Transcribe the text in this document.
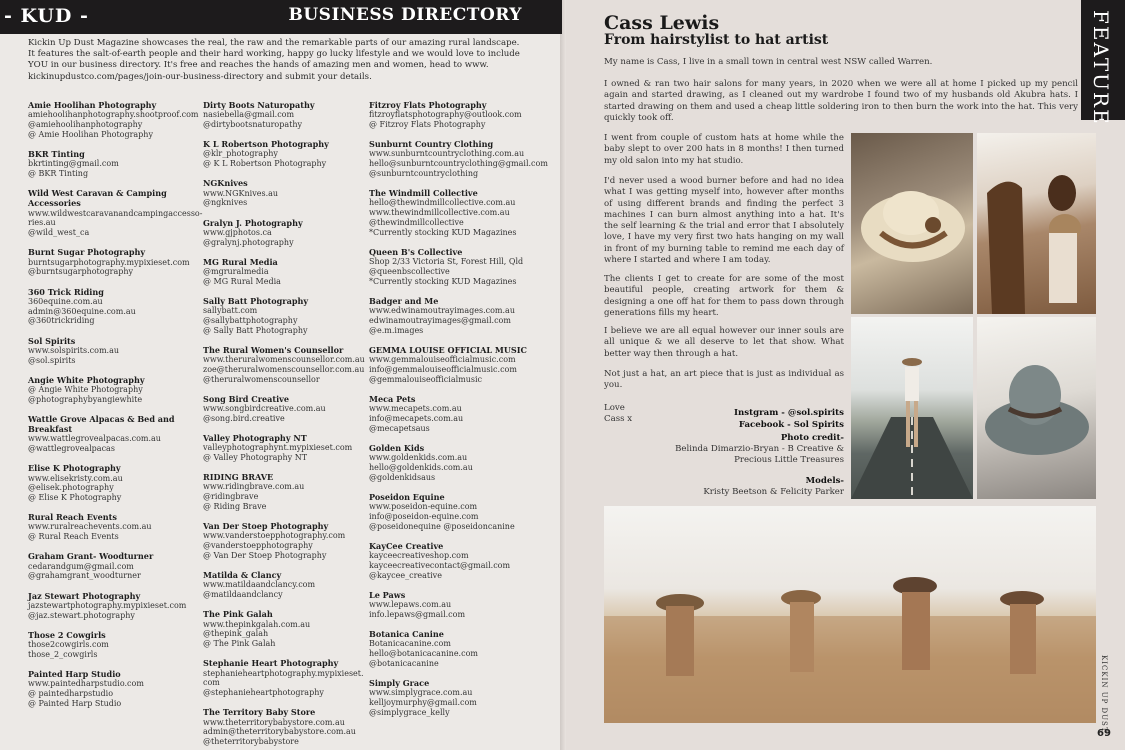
- KUD -	BUSINESS DIRECTORY
Kickin Up Dust Magazine showcases the real, the raw and the remarkable parts of our amazing rural landscape. It features the salt-of-earth people and their hard working, happy go lucky lifestyle and we would love to include YOU in our business directory. It's free and reaches the hands of amazing men and women, head to www. kickinupdustco.com/pages/join-our-business-directory and submit your details.
Amie Hoolihan Photography
amiehoolihanphotography.shootproof.com
@amiehoolihanphotography
@ Amie Hoolihan Photography
BKR Tinting
bkrtinting@gmail.com
@ BKR Tinting
Wild West Caravan & Camping Accessories
www.wildwestcaravanandcampingaccesso-
ries.au
@wild_west_ca
Burnt Sugar Photography
burntsugarphotography.mypixieset.com
@burntsugarphotography
360 Trick Riding
360equine.com.au
admin@360equine.com.au
@360trickriding
Sol Spirits
www.solspirits.com.au
@sol.spirits
Angie White Photography
@ Angie White Photography
@photographybyangiewhite
Wattle Grove Alpacas & Bed and Breakfast
www.wattlegrovealpacas.com.au
@wattlegrovealpacas
Elise K Photography
www.elisekristy.com.au
@elisek.photography
@ Elise K Photography
Rural Reach Events
www.ruralreachevents.com.au
@ Rural Reach Events
Graham Grant- Woodturner
cedarandgum@gmail.com
@grahamgrant_woodturner
Jaz Stewart Photography
jazstewartphotography.mypixieset.com
@jaz.stewart.photography
Those 2 Cowgirls
those2cowgirls.com
those_2_cowgirls
Painted Harp Studio
www.paintedharpstudio.com
@ paintedharpstudio
@ Painted Harp Studio
Dirty Boots Naturopathy
nasiebella@gmail.com
@dirtybootsnaturopathy
K L Robertson Photography
@klr_photography
@ K L Robertson Photography
NGKnives
www.NGKnives.au
@ngknives
Gralyn J. Photography
www.gjphotos.ca
@gralynj.photography
MG Rural Media
@mgruralmedia
@ MG Rural Media
Sally Batt Photography
sallybatt.com
@sallybattphotography
@ Sally Batt Photography
The Rural Women's Counsellor
www.theruralwomenscounsellor.com.au
zoe@theruralwomenscounsellor.com.au
@theruralwomenscounsellor
Song Bird Creative
www.songbirdcreative.com.au
@song.bird.creative
Valley Photography NT
valleyphotographynt.mypixieset.com
@ Valley Photography NT
RIDING BRAVE
www.ridingbrave.com.au
@ridingbrave
@ Riding Brave
Van Der Stoep Photography
www.vanderstoepphotography.com
@vanderstoepphotography
@ Van Der Stoep Photography
Matilda & Clancy
www.matildaandclancy.com
@matildaandclancy
The Pink Galah
www.thepinkgalah.com.au
@thepink_galah
@ The Pink Galah
Stephanie Heart Photography
stephanieheartphotography.mypixieset.
com
@stephanieheartphotography
The Territory Baby Store
www.theterritorybabystore.com.au
admin@theterritorybabystore.com.au
@theterritorybabystore
Fitzroy Flats Photography
fitzroyflatsphotography@outlook.com
@ Fitzroy Flats Photography
Sunburnt Country Clothing
www.sunburntcountryclothing.com.au
hello@sunburntcountryclothing@gmail.com
@sunburntcountryclothing
The Windmill Collective
hello@thewindmillcollective.com.au
www.thewindmillcollective.com.au
@thewindmillcollective
*Currently stocking KUD Magazines
Queen B's Collective
Shop 2/33 Victoria St, Forest Hill, Qld
@queenbscollective
*Currently stocking KUD Magazines
Badger and Me
www.edwinamoutrayimages.com.au
edwinamoutrayimages@gmail.com
@e.m.images
GEMMA LOUISE OFFICIAL MUSIC
www.gemmalouiseofficialmusic.com
info@gemmalouiseofficialmusic.com
@gemmalouiseofficialmusic
Meca Pets
www.mecapets.com.au
info@mecapets.com.au
@mecapetsaus
Golden Kids
www.goldenkids.com.au
hello@goldenkids.com.au
@goldenkidsaus
Poseidon Equine
www.poseidon-equine.com
info@poseidon-equine.com
@poseidonequine @poseidoncanine
KayCee Creative
kayceecreativeshop.com
kayceecreativecontact@gmail.com
@kaycee_creative
Le Paws
www.lepaws.com.au
info.lepaws@gmail.com
Botanica Canine
Botanicacanine.com
hello@botanicacanine.com
@botanicacanine
Simply Grace
www.simplygrace.com.au
kelljoymurphy@gmail.com
@simplygrace_kelly
FEATURE
Cass Lewis
From hairstylist to hat artist
My name is Cass, I live in a small town in central west NSW called Warren.
I owned & ran two hair salons for many years, in 2020 when we were all at home I picked up my pencil again and started drawing, as I cleaned out my wardrobe I found two of my husbands old Akubra hats. I started drawing on them and used a cheap little soldering iron to then burn the work into the hat. This very quickly took off.
I went from couple of custom hats at home while the baby slept to over 200 hats in 8 months! I then turned my old salon into my hat studio.
I'd never used a wood burner before and had no idea what I was getting myself into, however after months of using different brands and finding the perfect 3 machines I can burn almost anything into a hat. It's the self learning & the trial and error that I absolutely love, I have my very first two hats hanging on my wall in front of my burning table to remind me each day of where I started and where I am today.
The clients I get to create for are some of the most beautiful people, creating artwork for them & designing a one off hat for them to pass down through generations fills my heart.
I believe we are all equal however our inner souls are all unique & we all deserve to let that show. What better way then through a hat.
Not just a hat, an art piece that is just as individual as you.
Love
Cass x
Instgram - @sol.spirits
Facebook - Sol Spirits
Photo credit-
Belinda Dimarzio-Bryan - B Creative &
Precious Little Treasures
Models-
Kristy Beetson & Felicity Parker
KICKIN UP DUST
69
